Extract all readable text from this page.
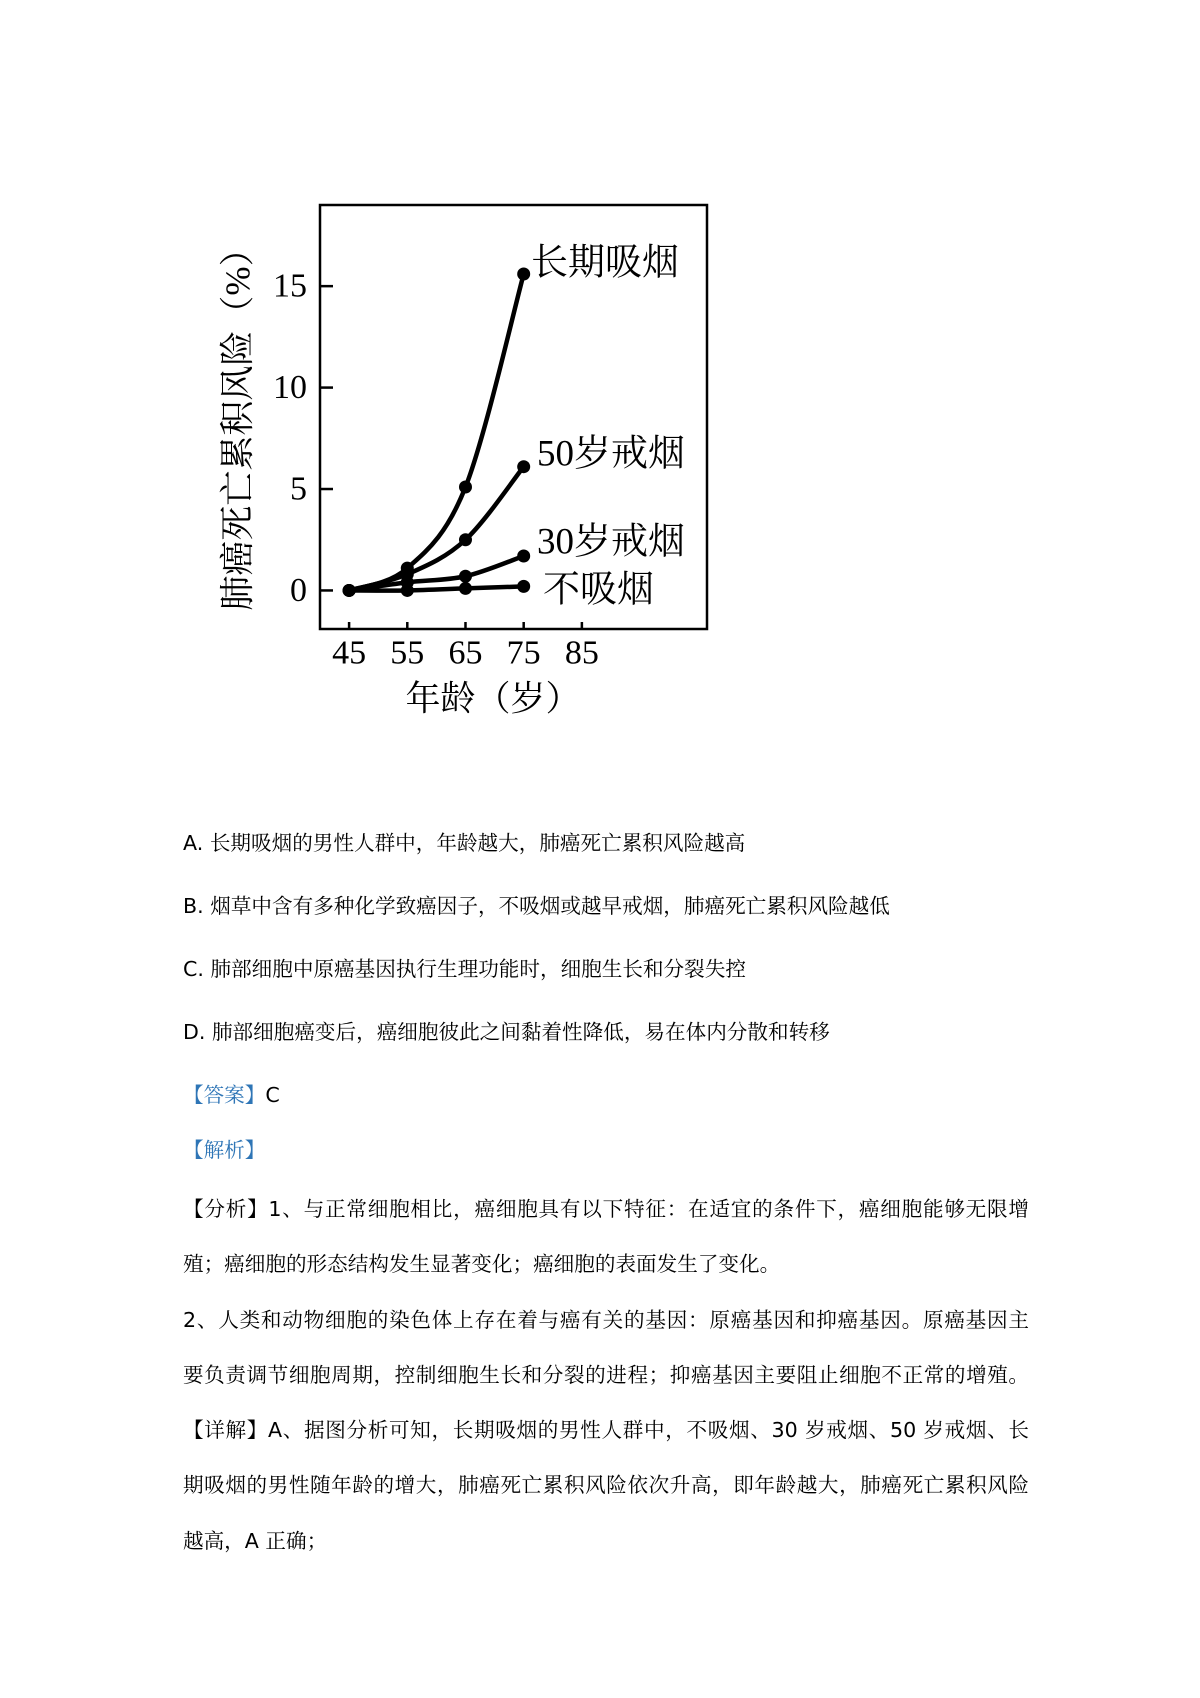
0
5
10
15
45 55 65 75 85
长期吸烟
50岁戒烟
30岁戒烟
不吸烟
年龄（岁）
肺癌死亡累积风险（%）
A. 长期吸烟的男性人群中，年龄越大，肺癌死亡累积风险越高
B. 烟草中含有多种化学致癌因子，不吸烟或越早戒烟，肺癌死亡累积风险越低
C. 肺部细胞中原癌基因执行生理功能时，细胞生长和分裂失控
D. 肺部细胞癌变后，癌细胞彼此之间黏着性降低，易在体内分散和转移
【答案】C
【解析】
【分析】1、与正常细胞相比，癌细胞具有以下特征：在适宜的条件下，癌细胞能够无限增
殖；癌细胞的形态结构发生显著变化；癌细胞的表面发生了变化。
2、人类和动物细胞的染色体上存在着与癌有关的基因：原癌基因和抑癌基因。原癌基因主
要负责调节细胞周期，控制细胞生长和分裂的进程；抑癌基因主要阻止细胞不正常的增殖。
【详解】A、据图分析可知，长期吸烟的男性人群中，不吸烟、30 岁戒烟、50 岁戒烟、长
期吸烟的男性随年龄的增大，肺癌死亡累积风险依次升高，即年龄越大，肺癌死亡累积风险
越高，A 正确；
